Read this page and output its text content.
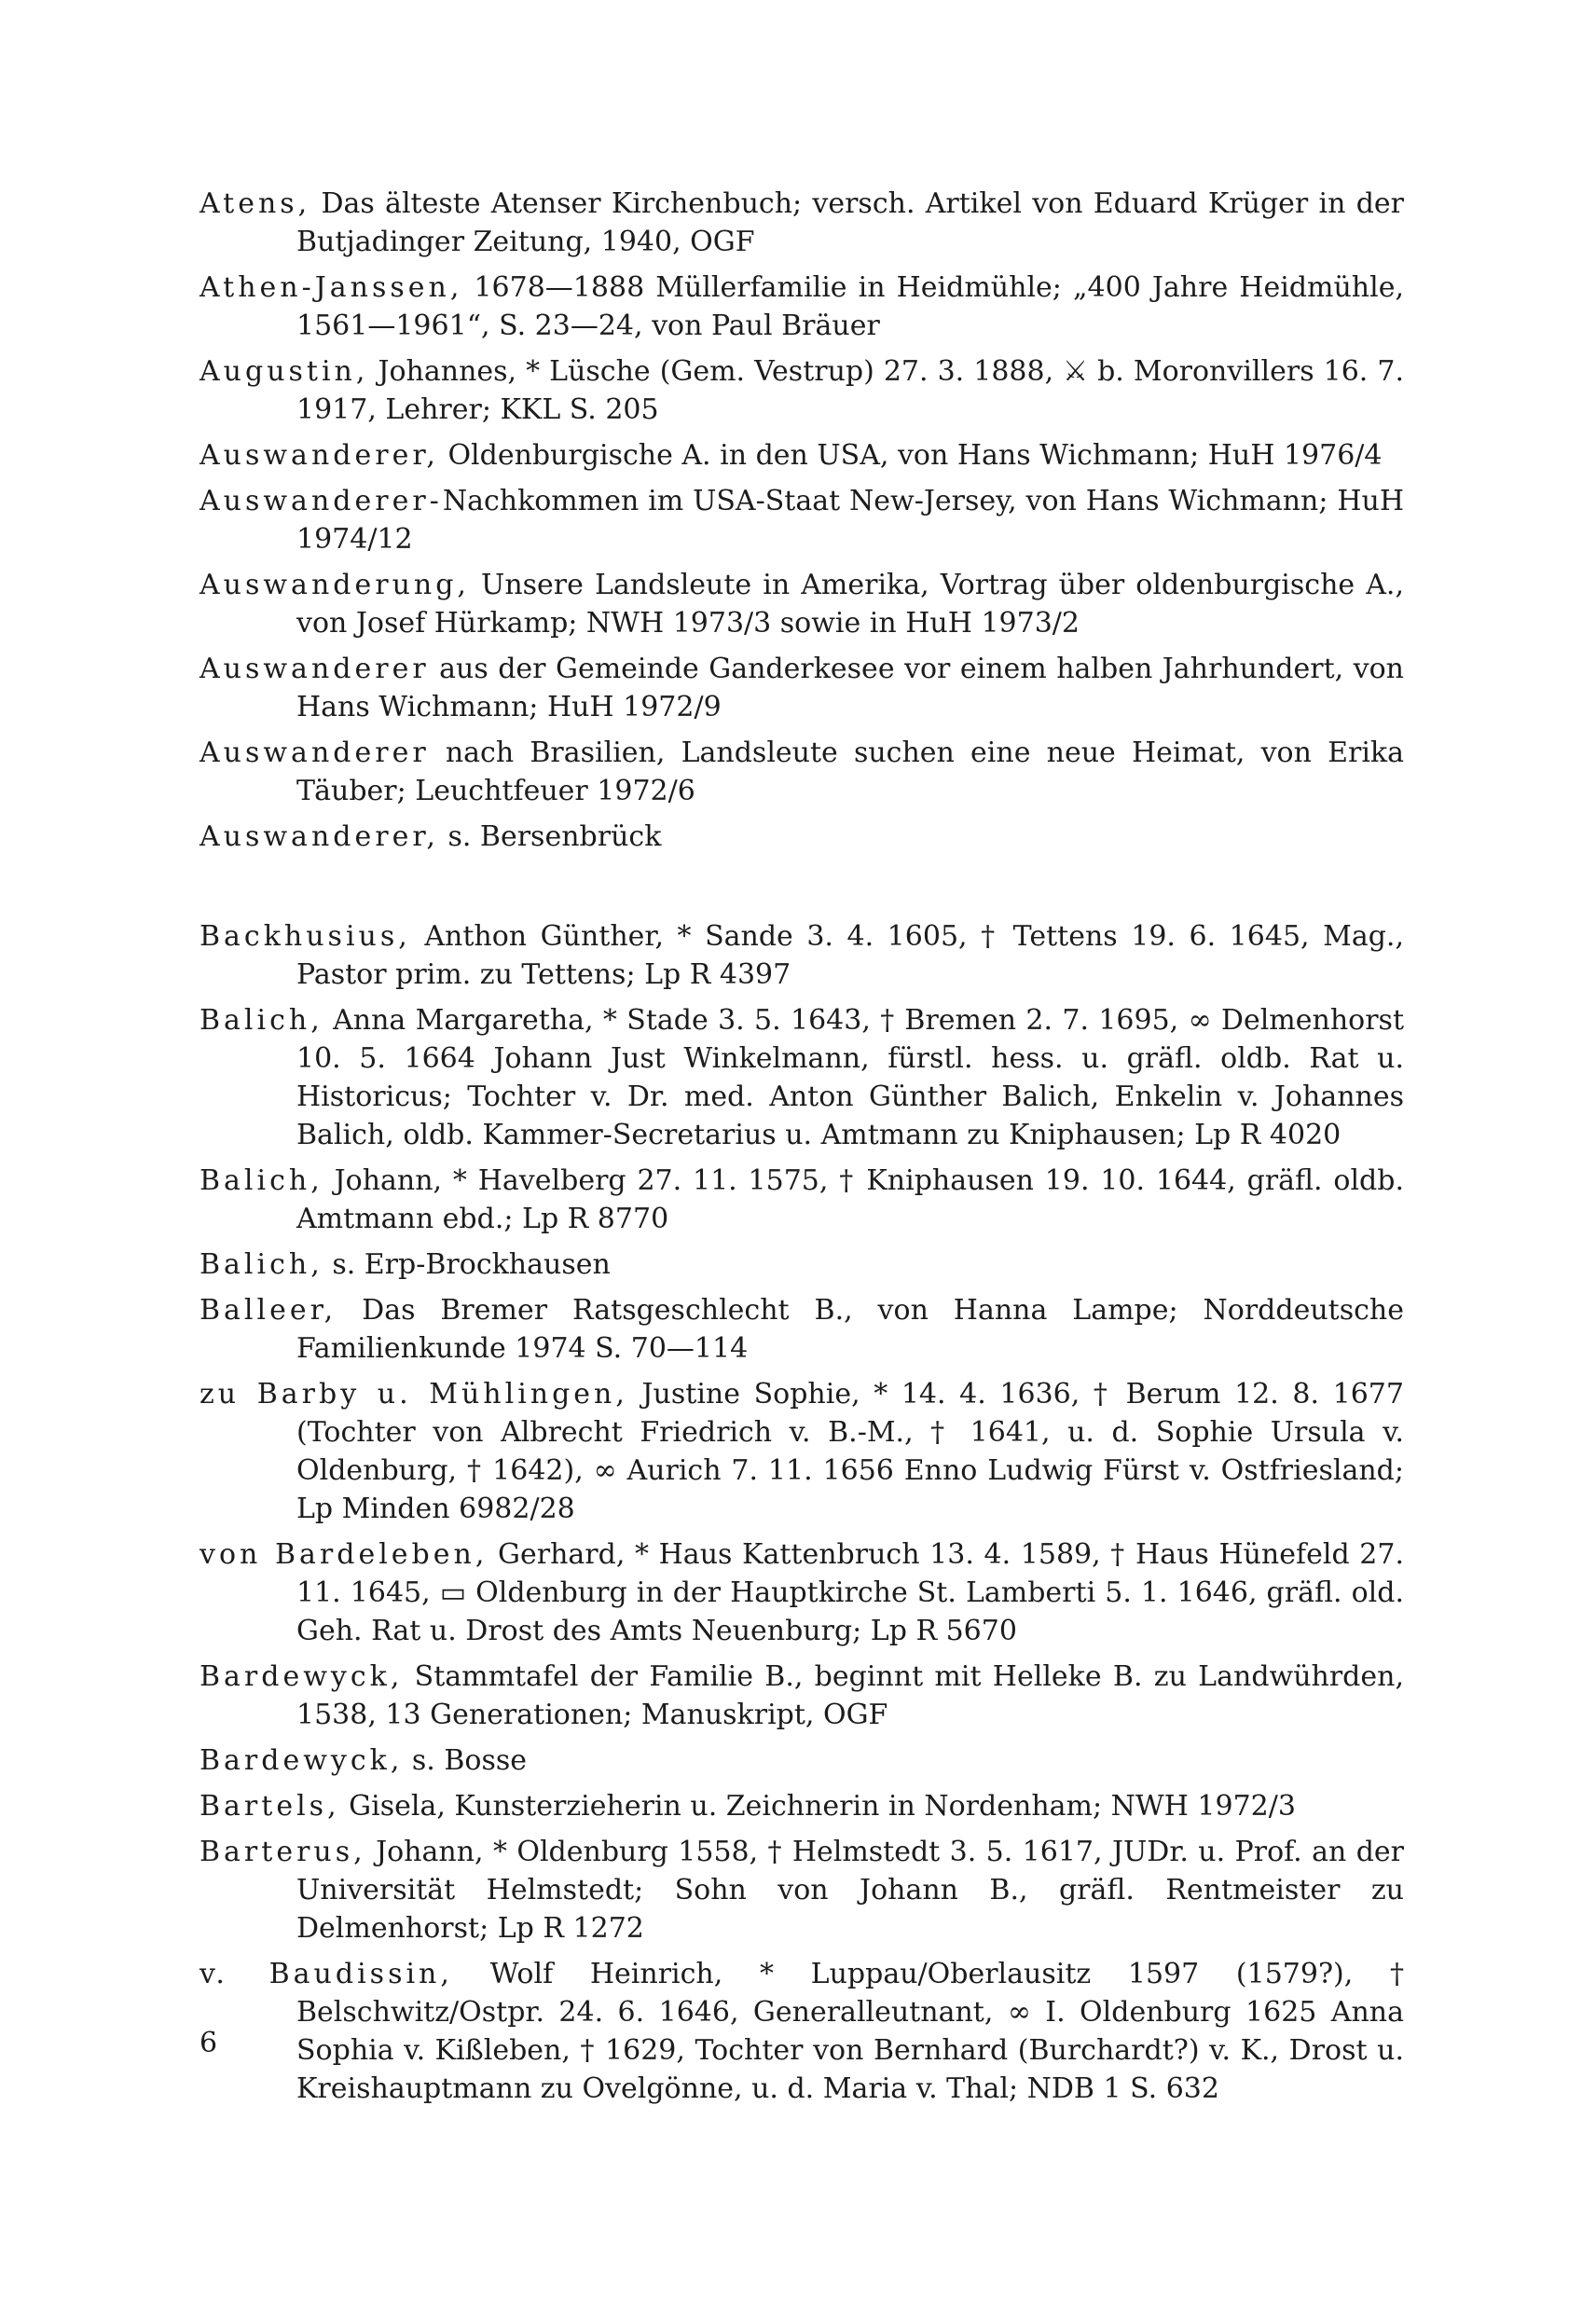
Atens, Das älteste Atenser Kirchenbuch; versch. Artikel von Eduard Krüger in der Butjadinger Zeitung, 1940, OGF

Athen-Janssen, 1678—1888 Müllerfamilie in Heidmühle; „400 Jahre Heidmühle, 1561—1961“, S. 23—24, von Paul Bräuer

Augustin, Johannes, * Lüsche (Gem. Vestrup) 27. 3. 1888, ⚔ b. Moronvillers 16. 7. 1917, Lehrer; KKL S. 205

Auswanderer, Oldenburgische A. in den USA, von Hans Wichmann; HuH 1976/4

Auswanderer-Nachkommen im USA-Staat New-Jersey, von Hans Wichmann; HuH 1974/12

Auswanderung, Unsere Landsleute in Amerika, Vortrag über oldenburgische A., von Josef Hürkamp; NWH 1973/3 sowie in HuH 1973/2

Auswanderer aus der Gemeinde Ganderkesee vor einem halben Jahrhundert, von Hans Wichmann; HuH 1972/9

Auswanderer nach Brasilien, Landsleute suchen eine neue Heimat, von Erika Täuber; Leuchtfeuer 1972/6

Auswanderer, s. Bersenbrück

Backhusius, Anthon Günther, * Sande 3. 4. 1605, † Tettens 19. 6. 1645, Mag., Pastor prim. zu Tettens; Lp R 4397

Balich, Anna Margaretha, * Stade 3. 5. 1643, † Bremen 2. 7. 1695, ∞ Delmenhorst 10. 5. 1664 Johann Just Winkelmann, fürstl. hess. u. gräfl. oldb. Rat u. Historicus; Tochter v. Dr. med. Anton Günther Balich, Enkelin v. Johannes Balich, oldb. Kammer-Secretarius u. Amtmann zu Kniphausen; Lp R 4020

Balich, Johann, * Havelberg 27. 11. 1575, † Kniphausen 19. 10. 1644, gräfl. oldb. Amtmann ebd.; Lp R 8770

Balich, s. Erp-Brockhausen

Balleer, Das Bremer Ratsgeschlecht B., von Hanna Lampe; Norddeutsche Familienkunde 1974 S. 70—114

zu Barby u. Mühlingen, Justine Sophie, * 14. 4. 1636, † Berum 12. 8. 1677 (Tochter von Albrecht Friedrich v. B.-M., † 1641, u. d. Sophie Ursula v. Oldenburg, † 1642), ∞ Aurich 7. 11. 1656 Enno Ludwig Fürst v. Ostfriesland; Lp Minden 6982/28

von Bardeleben, Gerhard, * Haus Kattenbruch 13. 4. 1589, † Haus Hünefeld 27. 11. 1645, ▭ Oldenburg in der Hauptkirche St. Lamberti 5. 1. 1646, gräfl. old. Geh. Rat u. Drost des Amts Neuenburg; Lp R 5670

Bardewyck, Stammtafel der Familie B., beginnt mit Helleke B. zu Landwührden, 1538, 13 Generationen; Manuskript, OGF

Bardewyck, s. Bosse

Bartels, Gisela, Kunsterzieherin u. Zeichnerin in Nordenham; NWH 1972/3

Barterus, Johann, * Oldenburg 1558, † Helmstedt 3. 5. 1617, JUDr. u. Prof. an der Universität Helmstedt; Sohn von Johann B., gräfl. Rentmeister zu Delmenhorst; Lp R 1272

v. Baudissin, Wolf Heinrich, * Luppau/Oberlausitz 1597 (1579?), † Belschwitz/Ostpr. 24. 6. 1646, Generalleutnant, ∞ I. Oldenburg 1625 Anna Sophia v. Kißleben, † 1629, Tochter von Bernhard (Burchardt?) v. K., Drost u. Kreishauptmann zu Ovelgönne, u. d. Maria v. Thal; NDB 1 S. 632

6
